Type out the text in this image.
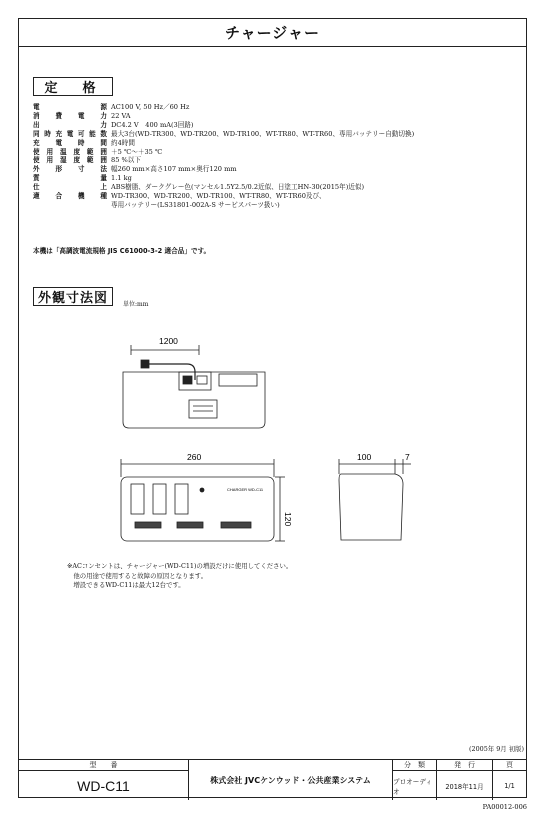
チャージャー
定　格
電源 AC100 V, 50 Hz／60 Hz
消費電力 22 VA
出力 DC4.2 V　400 mA(3回路)
同時充電可能数 最大3台(WD-TR300、WD-TR200、WD-TR100、WT-TR80、WT-TR60、専用バッテリー自動切換)
充電時間 約4時間
使用温度範囲 ＋5 ℃～＋35 ℃
使用湿度範囲 85 %以下
外形寸法 幅260 mm×高さ107 mm×奥行120 mm
質量 1.1 kg
仕上 ABS樹脂、ダークグレー色(マンセル1.5Y2.5/0.2近似、日塗工HN-30(2015年)近似)
適合機種 WD-TR300、WD-TR200、WD-TR100、WT-TR80、WT-TR60及び、
専用バッテリー(LS31801-002A-S サービスパーツ扱い)
本機は「高調波電流規格 JIS C61000-3-2 適合品」です。
外観寸法図	単位:mm
1200
260
120
CHARGER WD-C11
100	7
※ACコンセントは、チャージャー(WD-C11)の増設だけに使用してください。
　他の用途で使用すると故障の原因となります。
　増設できるWD-C11は最大12台です。
(2005年 9月 初版)
型　　番
WD-C11	株式会社 JVCケンウッド・公共産業システム
分　類
プロオーディオ
発　行
2018年11月
頁
1/1
PA00012-006
